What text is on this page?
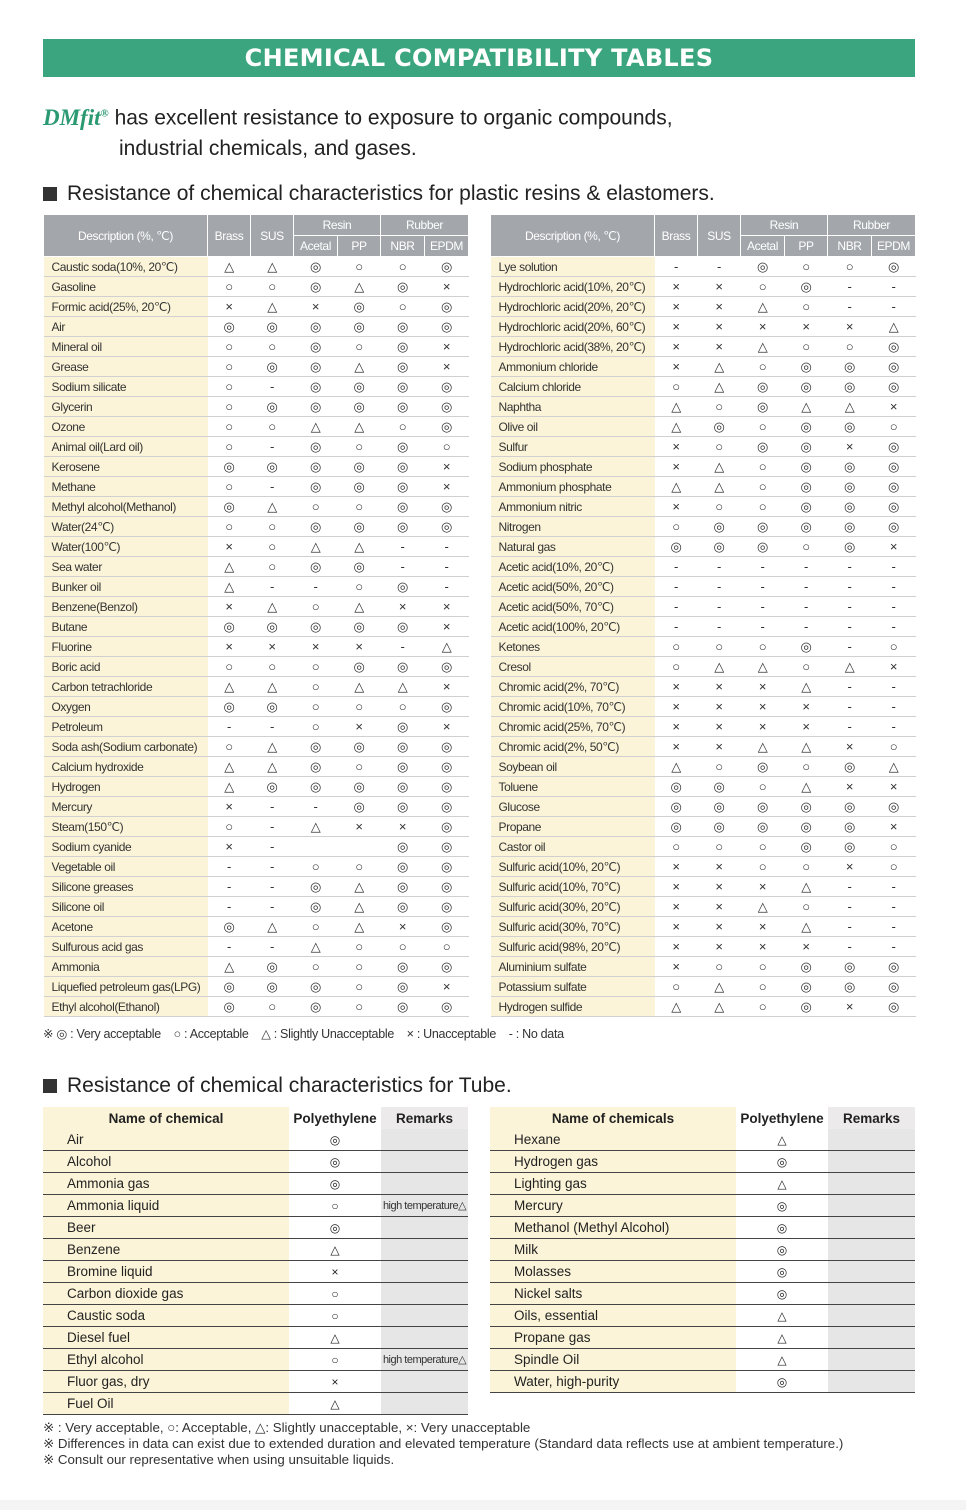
CHEMICAL COMPATIBILITY TABLES
DMfit® has excellent resistance to exposure to organic compounds,
industrial chemicals, and gases.
Resistance of chemical characteristics for plastic resins & elastomers.
Description (%, ℃)	Brass	SUS	Resin		Rubber	
			Acetal	PP	NBR	EPDM
Caustic soda(10%, 20℃)	△	△	◎	○	○	◎
Gasoline	○	○	◎	△	◎	×
Formic acid(25%, 20℃)	×	△	×	◎	○	◎
Air	◎	◎	◎	◎	◎	◎
Mineral oil	○	○	◎	○	◎	×
Grease	○	◎	◎	△	◎	×
Sodium silicate	○	-	◎	◎	◎	◎
Glycerin	○	◎	◎	◎	◎	◎
Ozone	○	○	△	△	○	◎
Animal oil(Lard oil)	○	-	◎	○	◎	○
Kerosene	◎	◎	◎	◎	◎	×
Methane	○	-	◎	◎	◎	×
Methyl alcohol(Methanol)	◎	△	○	○	◎	◎
Water(24℃)	○	○	◎	◎	◎	◎
Water(100℃)	×	○	△	△	-	-
Sea water	△	○	◎	◎	-	-
Bunker oil	△	-	-	○	◎	-
Benzene(Benzol)	×	△	○	△	×	×
Butane	◎	◎	◎	◎	◎	×
Fluorine	×	×	×	×	-	△
Boric acid	○	○	○	◎	◎	◎
Carbon tetrachloride	△	△	○	△	△	×
Oxygen	◎	◎	○	○	○	◎
Petroleum	-	-	○	×	◎	×
Soda ash(Sodium carbonate)	○	△	◎	◎	◎	◎
Calcium hydroxide	△	△	◎	○	◎	◎
Hydrogen	△	◎	◎	◎	◎	◎
Mercury	×	-	-	◎	◎	◎
Steam(150℃)	○	-	△	×	×	◎
Sodium cyanide	×	-			◎	◎
Vegetable oil	-	-	○	○	◎	◎
Silicone greases	-	-	◎	△	◎	◎
Silicone oil	-	-	◎	△	◎	◎
Acetone	◎	△	○	△	×	◎
Sulfurous acid gas	-	-	△	○	○	○
Ammonia	△	◎	○	○	◎	◎
Liquefied petroleum gas(LPG)	◎	◎	◎	○	◎	×
Ethyl alcohol(Ethanol)	◎	○	◎	○	◎	◎
Description (%, ℃)	Brass	SUS	Resin		Rubber	
			Acetal	PP	NBR	EPDM
Lye solution	-	-	◎	○	○	◎
Hydrochloric acid(10%, 20℃)	×	×	○	◎	-	-
Hydrochloric acid(20%, 20℃)	×	×	△	○	-	-
Hydrochloric acid(20%, 60℃)	×	×	×	×	×	△
Hydrochloric acid(38%, 20℃)	×	×	△	○	○	◎
Ammonium chloride	×	△	○	◎	◎	◎
Calcium chloride	○	△	◎	◎	◎	◎
Naphtha	△	○	◎	△	△	×
Olive oil	△	◎	○	◎	◎	○
Sulfur	×	○	◎	◎	×	◎
Sodium phosphate	×	△	○	◎	◎	◎
Ammonium phosphate	△	△	○	◎	◎	◎
Ammonium nitric	×	○	○	◎	◎	◎
Nitrogen	○	◎	◎	◎	◎	◎
Natural gas	◎	◎	◎	○	◎	×
Acetic acid(10%, 20℃)	-	-	-	-	-	-
Acetic acid(50%, 20℃)	-	-	-	-	-	-
Acetic acid(50%, 70℃)	-	-	-	-	-	-
Acetic acid(100%, 20℃)	-	-	-	-	-	-
Ketones	○	○	○	◎	-	○
Cresol	○	△	△	○	△	×
Chromic acid(2%, 70℃)	×	×	×	△	-	-
Chromic acid(10%, 70℃)	×	×	×	×	-	-
Chromic acid(25%, 70℃)	×	×	×	×	-	-
Chromic acid(2%, 50℃)	×	×	△	△	×	○
Soybean oil	△	○	◎	○	◎	△
Toluene	◎	◎	○	△	×	×
Glucose	◎	◎	◎	◎	◎	◎
Propane	◎	◎	◎	◎	◎	×
Castor oil	○	○	○	◎	◎	○
Sulfuric acid(10%, 20℃)	×	×	○	○	×	○
Sulfuric acid(10%, 70℃)	×	×	×	△	-	-
Sulfuric acid(30%, 20℃)	×	×	△	○	-	-
Sulfuric acid(30%, 70℃)	×	×	×	△	-	-
Sulfuric acid(98%, 20℃)	×	×	×	×	-	-
Aluminium sulfate	×	○	○	◎	◎	◎
Potassium sulfate	○	△	○	◎	◎	◎
Hydrogen sulfide	△	△	○	◎	×	◎
※ ◎ : Very acceptable    ○ : Acceptable    △ : Slightly Unacceptable    × : Unacceptable    - : No data
Resistance of chemical characteristics for Tube.
Name of chemical	Polyethylene	Remarks
Air	◎	
Alcohol	◎	
Ammonia gas	◎	
Ammonia liquid	○	high temperature△
Beer	◎	
Benzene	△	
Bromine liquid	×	
Carbon dioxide gas	○	
Caustic soda	○	
Diesel fuel	△	
Ethyl alcohol	○	high temperature△
Fluor gas, dry	×	
Fuel Oil	△	
Name of chemicals	Polyethylene	Remarks
Hexane	△	
Hydrogen gas	◎	
Lighting gas	△	
Mercury	◎	
Methanol (Methyl Alcohol)	◎	
Milk	◎	
Molasses	◎	
Nickel salts	◎	
Oils, essential	△	
Propane gas	△	
Spindle Oil	△	
Water, high-purity	◎	
※ : Very acceptable, ○: Acceptable, △: Slightly unacceptable, ×: Very unacceptable
※ Differences in data can exist due to extended duration and elevated temperature (Standard data reflects use at ambient temperature.)
※ Consult our representative when using unsuitable liquids.
